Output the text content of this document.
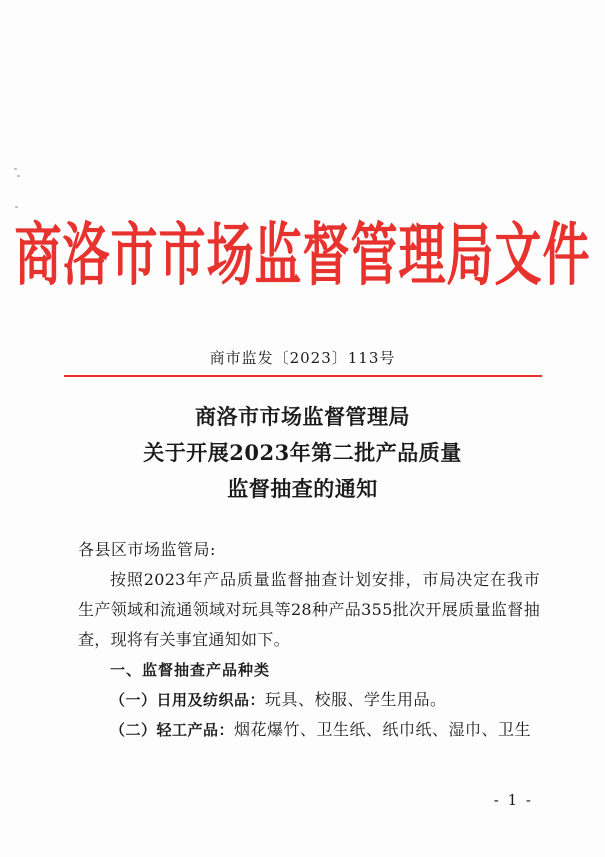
商洛市市场监督管理局文件
商市监发〔2023〕113号
商洛市市场监督管理局
关于开展2023年第二批产品质量
监督抽查的通知

各县区市场监管局:

按照2023年产品质量监督抽查计划安排，市局决定在我市生产领域和流通领域对玩具等28种产品355批次开展质量监督抽查，现将有关事宜通知如下。

一、监督抽查产品种类

（一）日用及纺织品：玩具、校服、学生用品。

（二）轻工产品：烟花爆竹、卫生纸、纸巾纸、湿巾、卫生

- 1 -
